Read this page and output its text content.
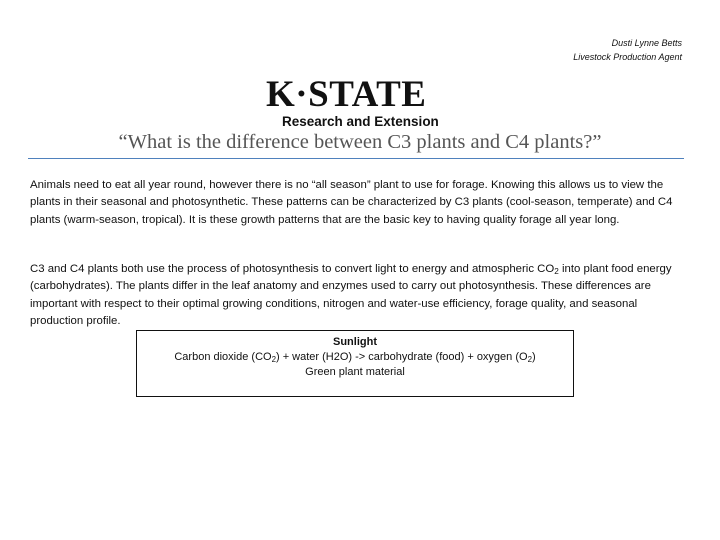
Dusti Lynne Betts
Livestock Production Agent
K·STATE
Research and Extension
“What is the difference between C3 plants and C4 plants?”
Animals need to eat all year round, however there is no “all season” plant to use for forage. Knowing this allows us to view the plants in their seasonal and photosynthetic. These patterns can be characterized by C3 plants (cool-season, temperate) and C4 plants (warm-season, tropical). It is these growth patterns that are the basic key to having quality forage all year long.
C3 and C4 plants both use the process of photosynthesis to convert light to energy and atmospheric $CO_2$ into plant food energy (carbohydrates). The plants differ in the leaf anatomy and enzymes used to carry out photosynthesis. These differences are important with respect to their optimal growing conditions, nitrogen and water-use efficiency, forage quality, and seasonal production profile.
Sunlight
Carbon dioxide $(CO_2)$ + water (H2O) -> carbohydrate (food) + oxygen $(O_2)$
Green plant material
